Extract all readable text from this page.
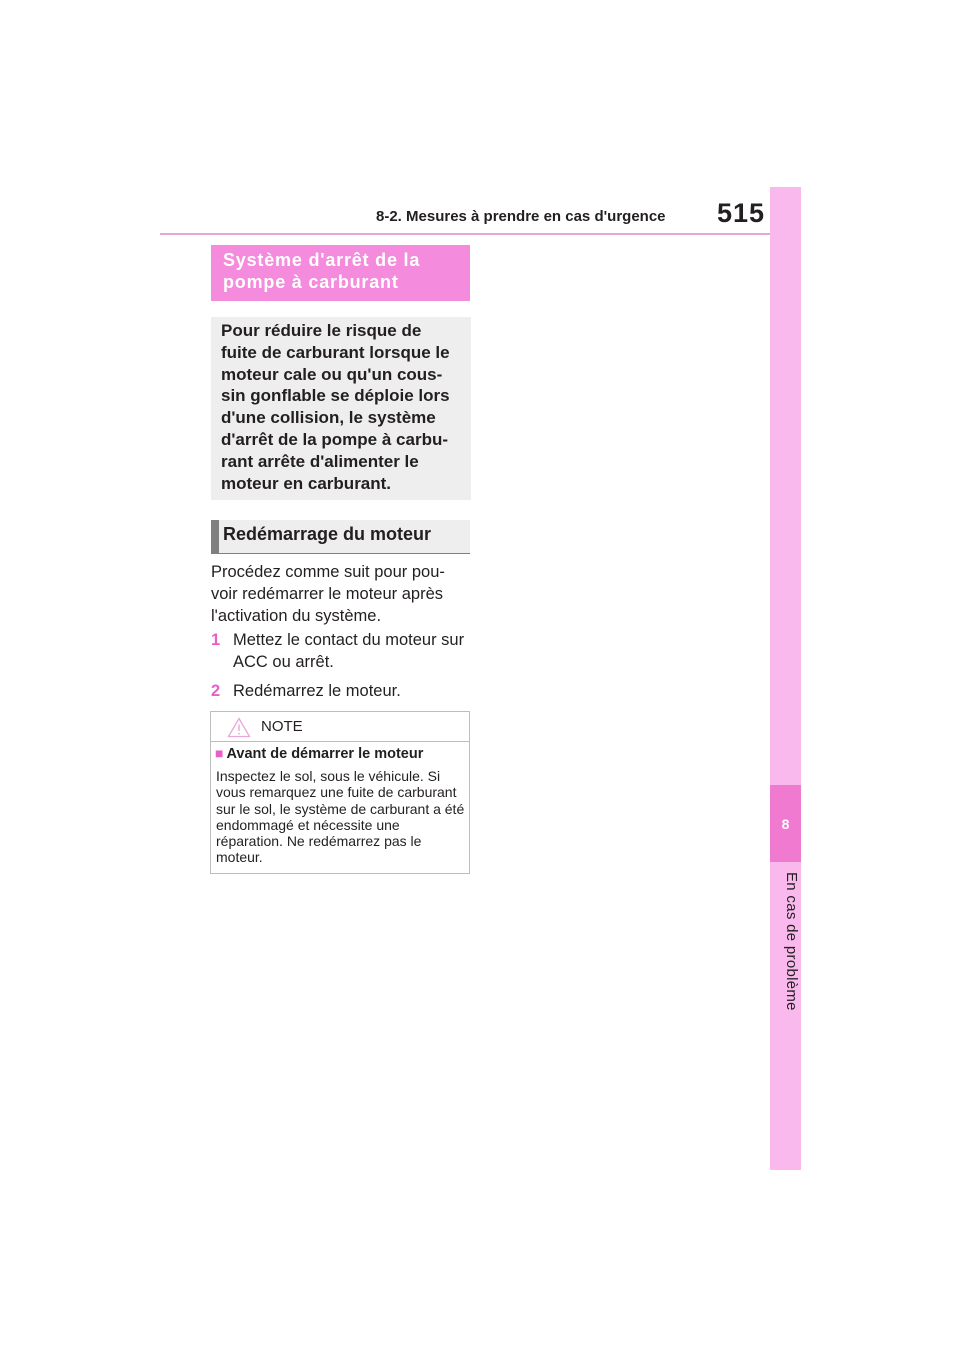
8-2. Mesures à prendre en cas d'urgence 515
8
En cas de problème
Système d'arrêt de la pompe à carburant
Pour réduire le risque de fuite de carburant lorsque le moteur cale ou qu'un cous- sin gonflable se déploie lors d'une collision, le système d'arrêt de la pompe à carbu- rant arrête d'alimenter le moteur en carburant.
Redémarrage du moteur
Procédez comme suit pour pou- voir redémarrer le moteur après l'activation du système.
1 Mettez le contact du moteur sur ACC ou arrêt.
2 Redémarrez le moteur.
NOTE
■ Avant de démarrer le moteur
Inspectez le sol, sous le véhicule. Si vous remarquez une fuite de carburant sur le sol, le système de carburant a été endommagé et nécessite une réparation. Ne redémarrez pas le moteur.
